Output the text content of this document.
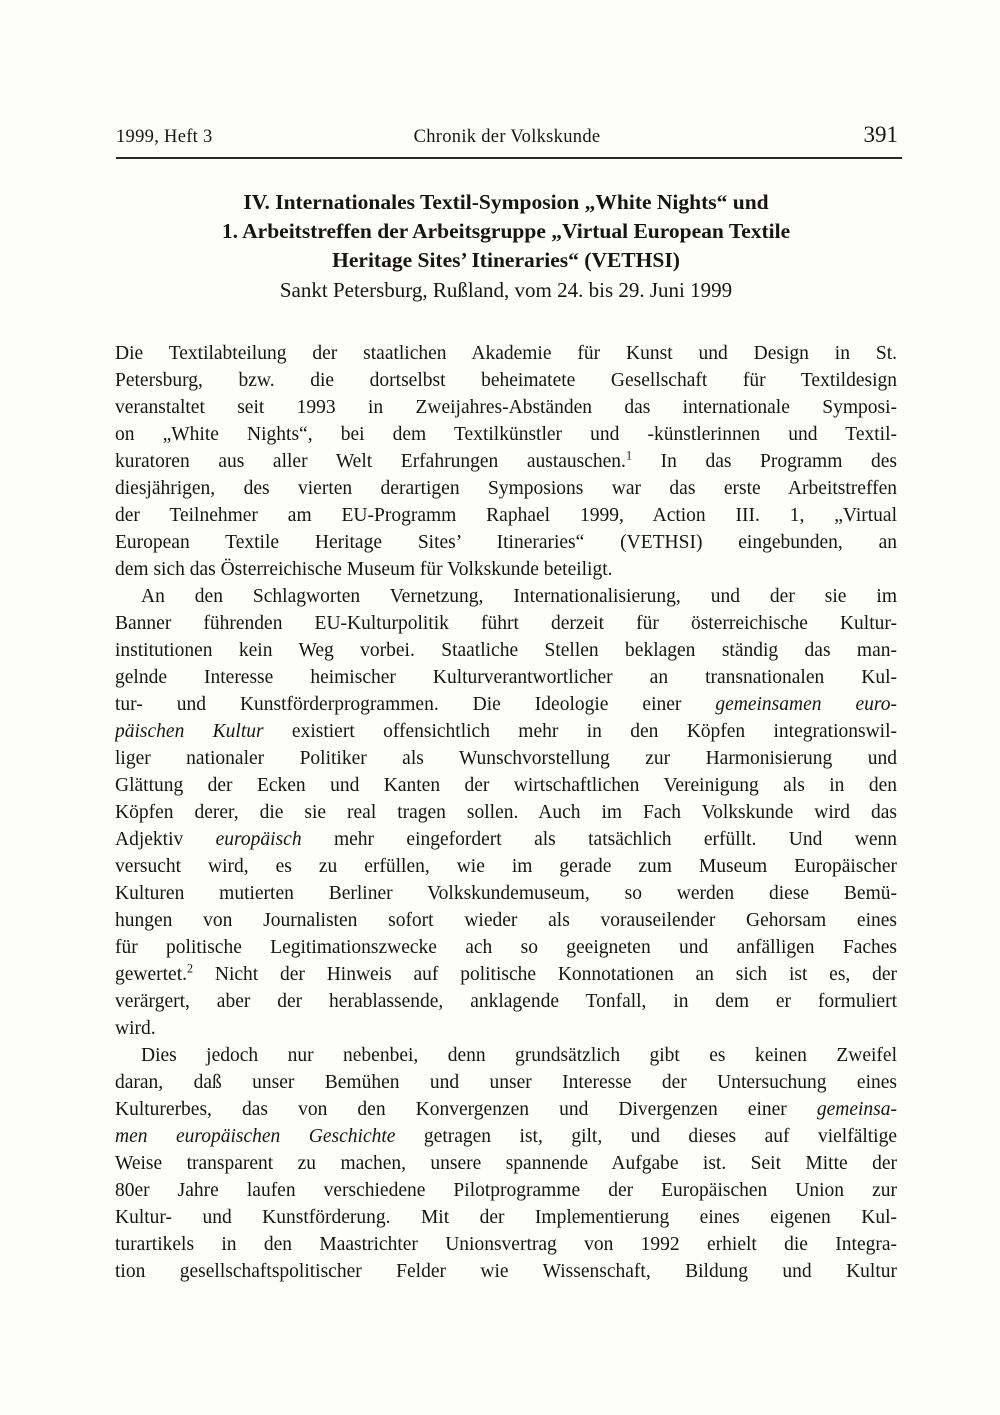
1999, Heft 3	Chronik der Volkskunde	391
IV. Internationales Textil-Symposion „White Nights“ und
1. Arbeitstreffen der Arbeitsgruppe „Virtual European Textile
Heritage Sites’ Itineraries“ (VETHSI)
Sankt Petersburg, Rußland, vom 24. bis 29. Juni 1999
Die Textilabteilung der staatlichen Akademie für Kunst und Design in St.
Petersburg, bzw. die dortselbst beheimatete Gesellschaft für Textildesign
veranstaltet seit 1993 in Zweijahres-Abständen das internationale Symposi-
on „White Nights“, bei dem Textilkünstler und -künstlerinnen und Textil-
kuratoren aus aller Welt Erfahrungen austauschen.$^1$ In das Programm des
diesjährigen, des vierten derartigen Symposions war das erste Arbeitstreffen
der Teilnehmer am EU-Programm Raphael 1999, Action III. 1, „Virtual
European Textile Heritage Sites’ Itineraries“ (VETHSI) eingebunden, an
dem sich das Österreichische Museum für Volkskunde beteiligt.
An den Schlagworten Vernetzung, Internationalisierung, und der sie im
Banner führenden EU-Kulturpolitik führt derzeit für österreichische Kultur-
institutionen kein Weg vorbei. Staatliche Stellen beklagen ständig das man-
gelnde Interesse heimischer Kulturverantwortlicher an transnationalen Kul-
tur- und Kunstförderprogrammen. Die Ideologie einer gemeinsamen euro-
päischen Kultur existiert offensichtlich mehr in den Köpfen integrationswil-
liger nationaler Politiker als Wunschvorstellung zur Harmonisierung und
Glättung der Ecken und Kanten der wirtschaftlichen Vereinigung als in den
Köpfen derer, die sie real tragen sollen. Auch im Fach Volkskunde wird das
Adjektiv europäisch mehr eingefordert als tatsächlich erfüllt. Und wenn
versucht wird, es zu erfüllen, wie im gerade zum Museum Europäischer
Kulturen mutierten Berliner Volkskundemuseum, so werden diese Bemü-
hungen von Journalisten sofort wieder als vorauseilender Gehorsam eines
für politische Legitimationszwecke ach so geeigneten und anfälligen Faches
gewertet.$^2$ Nicht der Hinweis auf politische Konnotationen an sich ist es, der
verärgert, aber der herablassende, anklagende Tonfall, in dem er formuliert
wird.
Dies jedoch nur nebenbei, denn grundsätzlich gibt es keinen Zweifel
daran, daß unser Bemühen und unser Interesse der Untersuchung eines
Kulturerbes, das von den Konvergenzen und Divergenzen einer gemeinsa-
men europäischen Geschichte getragen ist, gilt, und dieses auf vielfältige
Weise transparent zu machen, unsere spannende Aufgabe ist. Seit Mitte der
80er Jahre laufen verschiedene Pilotprogramme der Europäischen Union zur
Kultur- und Kunstförderung. Mit der Implementierung eines eigenen Kul-
turartikels in den Maastrichter Unionsvertrag von 1992 erhielt die Integra-
tion gesellschaftspolitischer Felder wie Wissenschaft, Bildung und Kultur
